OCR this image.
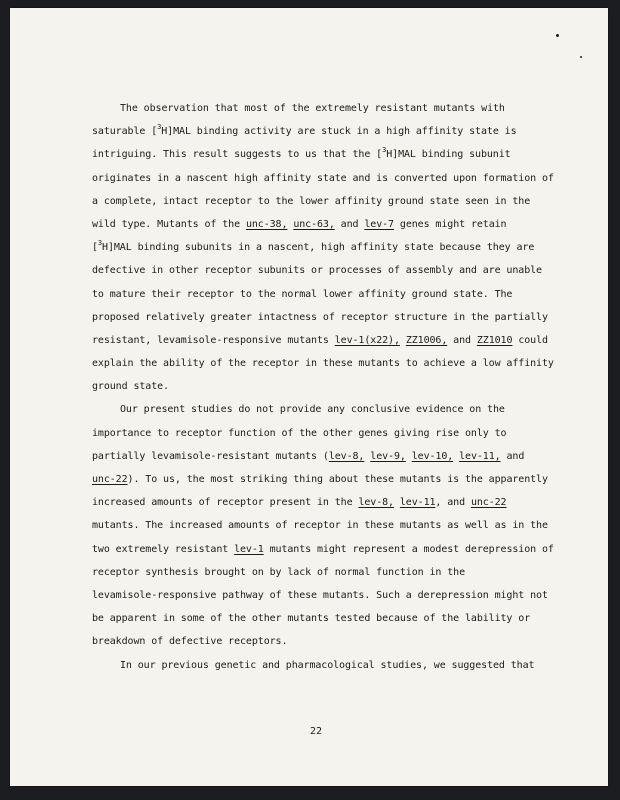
The observation that most of the extremely resistant mutants with
saturable [$^3$H]MAL binding activity are stuck in a high affinity state is
intriguing. This result suggests to us that the [$^3$H]MAL binding subunit
originates in a nascent high affinity state and is converted upon formation of
a complete, intact receptor to the lower affinity ground state seen in the
wild type. Mutants of the unc-38, unc-63, and lev-7 genes might retain
[$^3$H]MAL binding subunits in a nascent, high affinity state because they are
defective in other receptor subunits or processes of assembly and are unable
to mature their receptor to the normal lower affinity ground state. The
proposed relatively greater intactness of receptor structure in the partially
resistant, levamisole-responsive mutants lev-1(x22), ZZ1006, and ZZ1010 could
explain the ability of the receptor in these mutants to achieve a low affinity
ground state.
Our present studies do not provide any conclusive evidence on the
importance to receptor function of the other genes giving rise only to
partially levamisole-resistant mutants (lev-8, lev-9, lev-10, lev-11, and
unc-22). To us, the most striking thing about these mutants is the apparently
increased amounts of receptor present in the lev-8, lev-11, and unc-22
mutants. The increased amounts of receptor in these mutants as well as in the
two extremely resistant lev-1 mutants might represent a modest derepression of
receptor synthesis brought on by lack of normal function in the
levamisole-responsive pathway of these mutants. Such a derepression might not
be apparent in some of the other mutants tested because of the lability or
breakdown of defective receptors.
In our previous genetic and pharmacological studies, we suggested that
22
